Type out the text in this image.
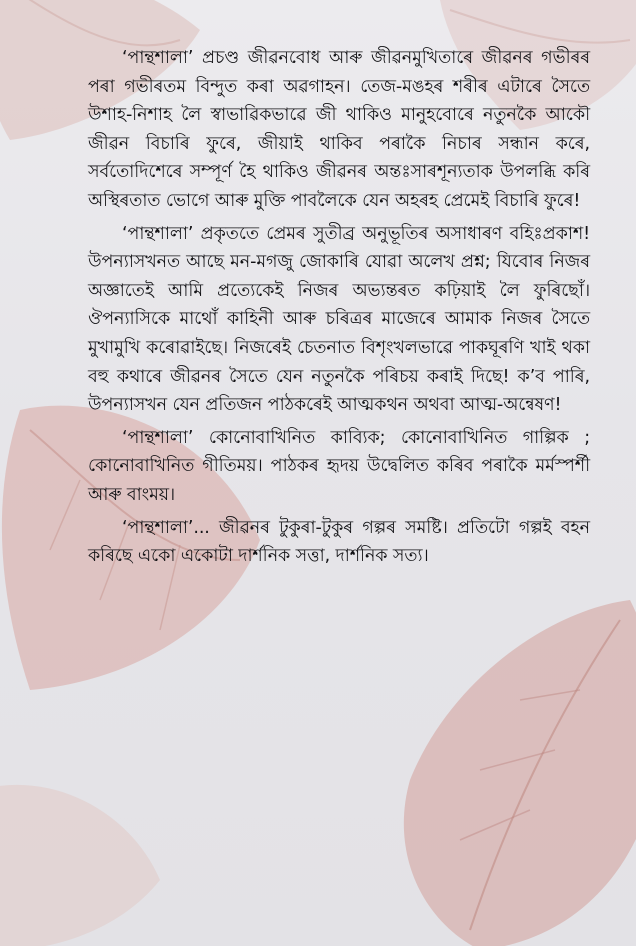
‘পান্থশালা’ প্ৰচণ্ড জীৱনবোধ আৰু জীৱনমুখিতাৰে জীৱনৰ গভীৰৰ পৰা গভীৰতম বিন্দুত কৰা অৱগাহন। তেজ-মঙহৰ শৰীৰ এটাৰে সৈতে উশাহ-নিশাহ লৈ স্বাভাৱিকভাৱে জী থাকিও মানুহবোৰে নতুনকৈ আকৌ জীৱন বিচাৰি ফুৰে, জীয়াই থাকিব পৰাকৈ নিচাৰ সন্ধান কৰে, সৰ্বতোদিশেৰে সম্পূৰ্ণ হৈ থাকিও জীৱনৰ অন্তঃসাৰশূন্যতাক উপলব্ধি কৰি অস্থিৰতাত ভোগে আৰু মুক্তি পাবলৈকে যেন অহৰহ প্ৰেমেই বিচাৰি ফুৰে!

‘পান্থশালা’ প্ৰকৃততে প্ৰেমৰ সুতীব্ৰ অনুভূতিৰ অসাধাৰণ বহিঃপ্ৰকাশ! উপন্যাসখনত আছে মন-মগজু জোকাৰি যোৱা অলেখ প্ৰশ্ন; যিবোৰ নিজৰ অজ্ঞাতেই আমি প্ৰত্যেকেই নিজৰ অভ্যন্তৰত কঢ়িয়াই লৈ ফুৰিছোঁ। ঔপন্যাসিকে মাথোঁ কাহিনী আৰু চৰিত্ৰৰ মাজেৰে আমাক নিজৰ সৈতে মুখামুখি কৰোৱাইছে। নিজৰেই চেতনাত বিশৃংখলভাৱে পাকঘূৰণি খাই থকা বহু কথাৰে জীৱনৰ সৈতে যেন নতুনকৈ পৰিচয় কৰাই দিছে! ক’ব পাৰি, উপন্যাসখন যেন প্ৰতিজন পাঠকৰেই আত্মকথন অথবা আত্ম-অন্বেষণ!

‘পান্থশালা’ কোনোবাখিনিত কাব্যিক; কোনোবাখিনিত গাল্পিক ; কোনোবাখিনিত গীতিময়। পাঠকৰ হৃদয় উদ্বেলিত কৰিব পৰাকৈ মৰ্মস্পৰ্শী আৰু বাংময়।

‘পান্থশালা’... জীৱনৰ টুকুৰা-টুকুৰ গল্পৰ সমষ্টি। প্ৰতিটো গল্পই বহন কৰিছে একো একোটা দাৰ্শনিক সত্তা, দাৰ্শনিক সত্য।
